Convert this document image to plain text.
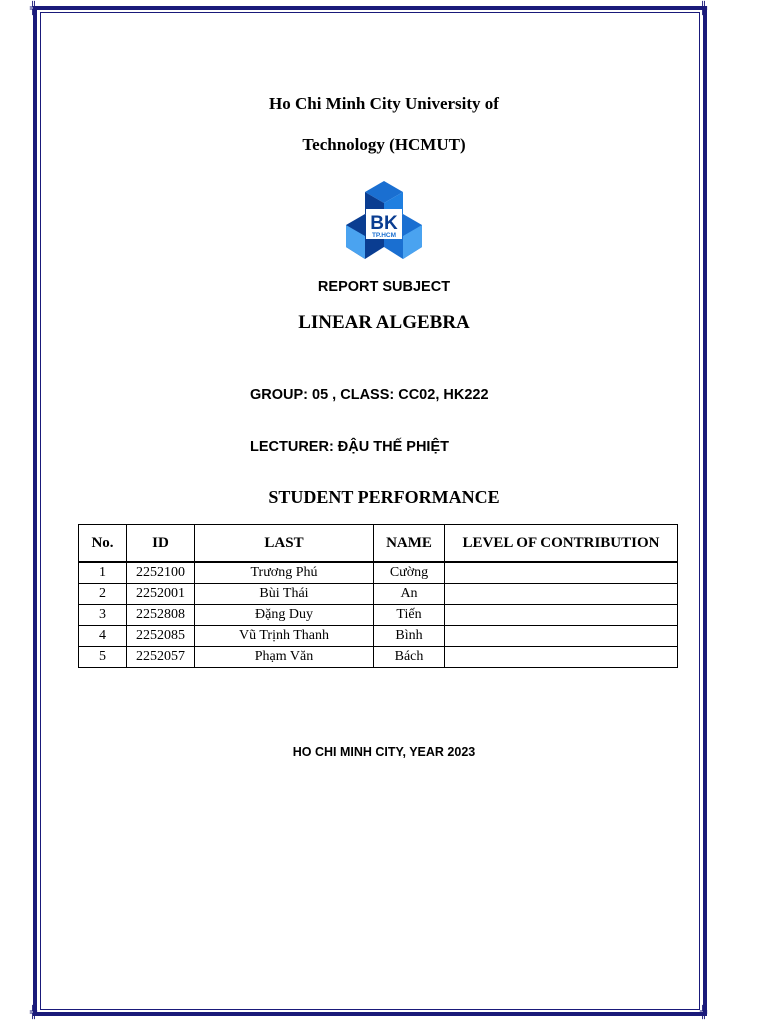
╬	╬
╬	╬
Ho Chi Minh City University of
Technology (HCMUT)
BK
TP.HCM
REPORT SUBJECT
LINEAR ALGEBRA
GROUP: 05 , CLASS: CC02, HK222
LECTURER: ĐẬU THẾ PHIỆT
STUDENT PERFORMANCE
No.	ID	LAST	NAME	LEVEL OF CONTRIBUTION

1	2252100	Trương Phú	Cường	
2	2252001	Bùi Thái	An	
3	2252808	Đặng Duy	Tiến	
4	2252085	Vũ Trịnh Thanh	Bình	
5	2252057	Phạm Văn	Bách	
HO CHI MINH CITY, YEAR 2023
